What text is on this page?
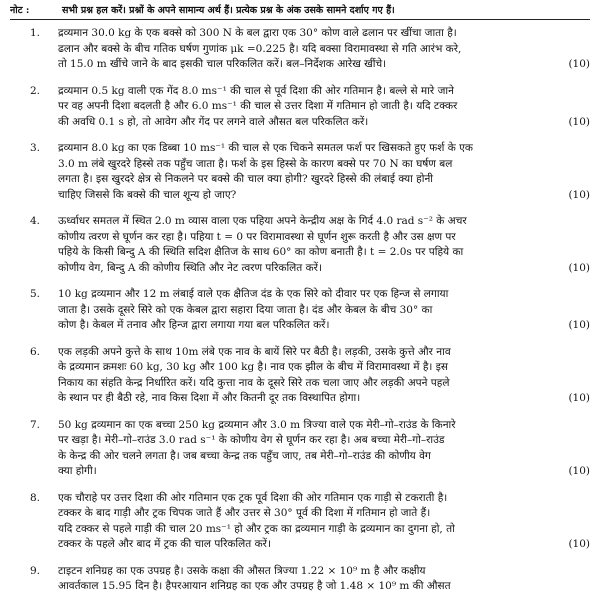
नोट :	सभी प्रश्न हल करें। प्रश्नों के अपने सामान्य अर्थ हैं। प्रत्येक प्रश्न के अंक उसके सामने दर्शाए गए हैं।
1.	द्रव्यमान 30.0 kg के एक बक्से को 300 N के बल द्वारा एक 30° कोण वाले ढलान पर खींचा जाता है।
ढलान और बक्से के बीच गतिक घर्षण गुणांक μk =0.225 है। यदि बक्सा विरामावस्था से गति आरंभ करे,
(10)
तो 15.0 m खींचे जाने के बाद इसकी चाल परिकलित करें। बल–निर्देशक आरेख खींचे।
2.	द्रव्यमान 0.5 kg वाली एक गेंद 8.0 ms⁻¹ की चाल से पूर्व दिशा की ओर गतिमान है। बल्ले से मारे जाने
पर वह अपनी दिशा बदलती है और 6.0 ms⁻¹ की चाल से उत्तर दिशा में गतिमान हो जाती है। यदि टक्कर
(10)
की अवधि 0.1 s हो, तो आवेग और गेंद पर लगने वाले औसत बल परिकलित करें।
3.	द्रव्यमान 8.0 kg का एक डिब्बा 10 ms⁻¹ की चाल से एक चिकने समतल फर्श पर खिसकते हुए फर्श के एक
3.0 m लंबे खुरदरे हिस्से तक पहुँच जाता है। फर्श के इस हिस्से के कारण बक्से पर 70 N का घर्षण बल
लगता है। इस खुरदरे क्षेत्र से निकलने पर बक्से की चाल क्या होगी? खुरदरे हिस्से की लंबाई क्या होनी
(10)
चाहिए जिससे कि बक्से की चाल शून्य हो जाए?
4.	ऊर्ध्वाधर समतल में स्थित 2.0 m व्यास वाला एक पहिया अपने केन्द्रीय अक्ष के गिर्द 4.0 rad s⁻² के अचर
कोणीय त्वरण से घूर्णन कर रहा है। पहिया t = 0 पर विरामावस्था से घूर्णन शुरू करती है और उस क्षण पर
पहिये के किसी बिन्दु A की स्थिति सदिश क्षैतिज के साथ 60° का कोण बनाती है। t = 2.0s पर पहिये का
(10)
कोणीय वेग, बिन्दु A की कोणीय स्थिति और नेट त्वरण परिकलित करें।
5.	10 kg द्रव्यमान और 12 m लंबाई वाले एक क्षैतिज दंड के एक सिरे को दीवार पर एक हिन्ज से लगाया
जाता है। उसके दूसरे सिरे को एक केबल द्वारा सहारा दिया जाता है। दंड और केबल के बीच 30° का
(10)
कोण है। केबल में तनाव और हिन्ज द्वारा लगाया गया बल परिकलित करें।
6.	एक लड़की अपने कुत्ते के साथ 10m लंबे एक नाव के बायें सिरे पर बैठी है। लड़की, उसके कुत्ते और नाव
के द्रव्यमान क्रमशः 60 kg, 30 kg और 100 kg है। नाव एक झील के बीच में विरामावस्था में है। इस
निकाय का संहति केन्द्र निर्धारित करें। यदि कुत्ता नाव के दूसरे सिरे तक चला जाए और लड़की अपने पहले
(10)
के स्थान पर ही बैठी रहे, नाव किस दिशा में और कितनी दूर तक विस्थापित होगा।
7.	50 kg द्रव्यमान का एक बच्चा 250 kg द्रव्यमान और 3.0 m त्रिज्या वाले एक मेरी–गो–राउंड के किनारे
पर खड़ा है। मेरी–गो–राउंड 3.0 rad s⁻¹ के कोणीय वेग से घूर्णन कर रहा है। अब बच्चा मेरी–गो–राउंड
के केन्द्र की ओर चलने लगता है। जब बच्चा केन्द्र तक पहुँच जाए, तब मेरी–गो–राउंड की कोणीय वेग
(10)
क्या होगी।
8.	एक चौराहे पर उत्तर दिशा की ओर गतिमान एक ट्रक पूर्व दिशा की ओर गतिमान एक गाड़ी से टकराती है।
टक्कर के बाद गाड़ी और ट्रक चिपक जाते हैं और उत्तर से 30° पूर्व की दिशा में गतिमान हो जाते हैं।
यदि टक्कर से पहले गाड़ी की चाल 20 ms⁻¹ हो और ट्रक का द्रव्यमान गाड़ी के द्रव्यमान का दुगना हो, तो
(10)
टक्कर के पहले और बाद में ट्रक की चाल परिकलित करें।
9.	टाइटन शनिग्रह का एक उपग्रह है। उसके कक्षा की औसत त्रिज्या 1.22 × 10⁹ m है और कक्षीय
आवर्तकाल 15.95 दिन है। हैपरआयान शनिग्रह का एक और उपग्रह है जो 1.48 × 10⁹ m की औसत
